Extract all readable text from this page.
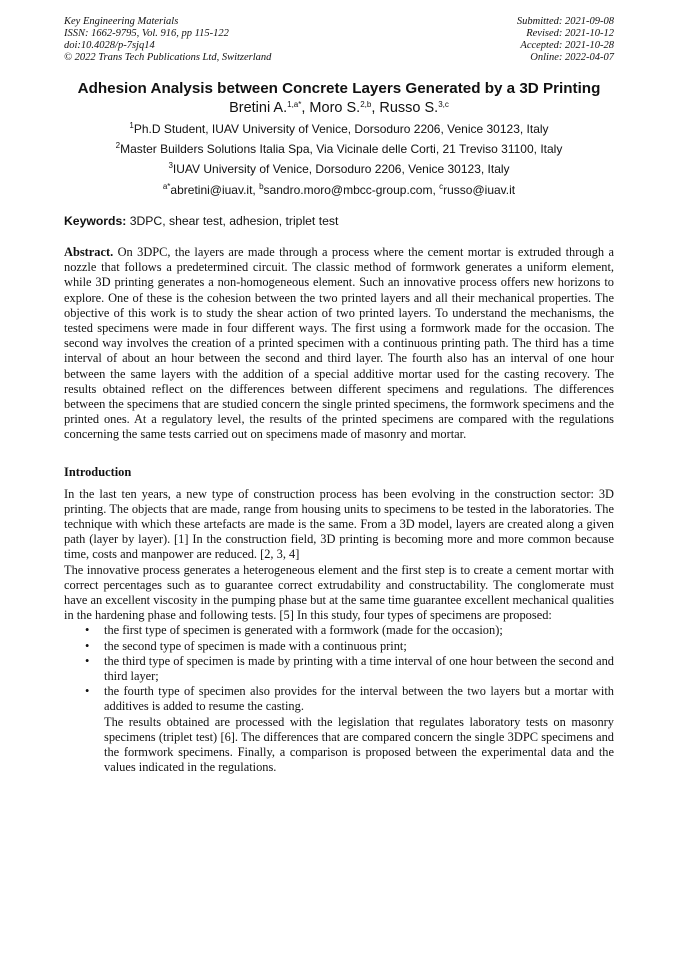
Key Engineering Materials
ISSN: 1662-9795, Vol. 916, pp 115-122
doi:10.4028/p-7sjq14
© 2022 Trans Tech Publications Ltd, Switzerland
Submitted: 2021-09-08
Revised: 2021-10-12
Accepted: 2021-10-28
Online: 2022-04-07
Adhesion Analysis between Concrete Layers Generated by a 3D Printing
Bretini A.$^{1,a*}$, Moro S.$^{2,b}$, Russo S.$^{3,c}$
$^1$Ph.D Student, IUAV University of Venice, Dorsoduro 2206, Venice 30123, Italy
$^2$Master Builders Solutions Italia Spa, Via Vicinale delle Corti, 21 Treviso 31100, Italy
$^3$IUAV University of Venice, Dorsoduro 2206, Venice 30123, Italy
$^{a*}$abretini@iuav.it, $^b$sandro.moro@mbcc-group.com, $^c$russo@iuav.it
Keywords: 3DPC, shear test, adhesion, triplet test
Abstract. On 3DPC, the layers are made through a process where the cement mortar is extruded through a nozzle that follows a predetermined circuit. The classic method of formwork generates a uniform element, while 3D printing generates a non-homogeneous element. Such an innovative process offers new horizons to explore. One of these is the cohesion between the two printed layers and all their mechanical properties. The objective of this work is to study the shear action of two printed layers. To understand the mechanisms, the tested specimens were made in four different ways. The first using a formwork made for the occasion. The second way involves the creation of a printed specimen with a continuous printing path. The third has a time interval of about an hour between the second and third layer. The fourth also has an interval of one hour between the same layers with the addition of a special additive mortar used for the casting recovery. The results obtained reflect on the differences between different specimens and regulations. The differences between the specimens that are studied concern the single printed specimens, the formwork specimens and the printed ones. At a regulatory level, the results of the printed specimens are compared with the regulations concerning the same tests carried out on specimens made of masonry and mortar.
Introduction
In the last ten years, a new type of construction process has been evolving in the construction sector: 3D printing. The objects that are made, range from housing units to specimens to be tested in the laboratories. The technique with which these artefacts are made is the same. From a 3D model, layers are created along a given path (layer by layer). [1] In the construction field, 3D printing is becoming more and more common because time, costs and manpower are reduced. [2, 3, 4]
The innovative process generates a heterogeneous element and the first step is to create a cement mortar with correct percentages such as to guarantee correct extrudability and constructability. The conglomerate must have an excellent viscosity in the pumping phase but at the same time guarantee excellent mechanical qualities in the hardening phase and following tests. [5] In this study, four types of specimens are proposed:
• the first type of specimen is generated with a formwork (made for the occasion);
• the second type of specimen is made with a continuous print;
• the third type of specimen is made by printing with a time interval of one hour between the second and third layer;
• the fourth type of specimen also provides for the interval between the two layers but a mortar with additives is added to resume the casting.
The results obtained are processed with the legislation that regulates laboratory tests on masonry specimens (triplet test) [6]. The differences that are compared concern the single 3DPC specimens and the formwork specimens. Finally, a comparison is proposed between the experimental data and the values indicated in the regulations.
